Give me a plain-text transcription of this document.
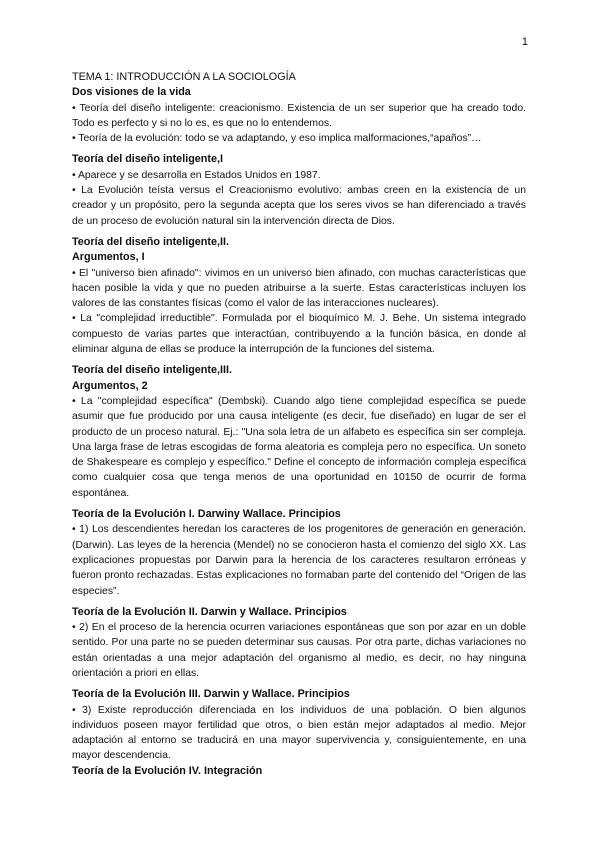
1
TEMA 1: INTRODUCCIÓN A LA SOCIOLOGÍA
Dos visiones de la vida

• Teoría del diseño inteligente: creacionismo. Existencia de un ser superior que ha creado todo. Todo es perfecto y si no lo es, es que no lo entendemos.

• Teoría de la evolución: todo se va adaptando, y eso implica malformaciones,“apaños”…

Teoría del diseño inteligente,I

• Aparece y se desarrolla en Estados Unidos en 1987.

• La Evolución teísta versus el Creacionismo evolutivo: ambas creen en la existencia de un creador y un propósito, pero la segunda acepta que los seres vivos se han diferenciado a través de un proceso de evolución natural sin la intervención directa de Dios.

Teoría del diseño inteligente,II.
Argumentos, I

• El "universo bien afinado": vivimos en un universo bien afinado, con muchas características que hacen posible la vida y que no pueden atribuirse a la suerte. Estas características incluyen los valores de las constantes físicas (como el valor de las interacciones nucleares).

• La "complejidad irreductible". Formulada por el bioquímico M. J. Behe. Un sistema integrado compuesto de varias partes que interactúan, contribuyendo a la función básica, en donde al eliminar alguna de ellas se produce la interrupción de la funciones del sistema.

Teoría del diseño inteligente,III.
Argumentos, 2

• La "complejidad específica" (Dembski). Cuando algo tiene complejidad específica se puede asumir que fue producido por una causa inteligente (es decir, fue diseñado) en lugar de ser el producto de un proceso natural. Ej.: "Una sola letra de un alfabeto es específica sin ser compleja. Una larga frase de letras escogidas de forma aleatoria es compleja pero no específica. Un soneto de Shakespeare es complejo y específico." Define el concepto de información compleja específica como cualquier cosa que tenga menos de una oportunidad en 10150 de ocurrir de forma espontánea.

Teoría de la Evolución I. Darwiny Wallace. Principios

• 1) Los descendientes heredan los caracteres de los progenitores de generación en generación. (Darwin). Las leyes de la herencia (Mendel) no se conocieron hasta el comienzo del siglo XX. Las explicaciones propuestas por Darwin para la herencia de los caracteres resultaron erróneas y fueron pronto rechazadas. Estas explicaciones no formaban parte del contenido del “Origen de las especies”.

Teoría de la Evolución II. Darwin y Wallace. Principios

• 2) En el proceso de la herencia ocurren variaciones espontáneas que son por azar en un doble sentido. Por una parte no se pueden determinar sus causas. Por otra parte, dichas variaciones no están orientadas a una mejor adaptación del organismo al medio, es decir, no hay ninguna orientación a priori en ellas.

Teoría de la Evolución III. Darwin y Wallace. Principios

• 3) Existe reproducción diferenciada en los individuos de una población. O bien algunos individuos poseen mayor fertilidad que otros, o bien están mejor adaptados al medio. Mejor adaptación al entorno se traducirá en una mayor supervivencia y, consiguientemente, en una mayor descendencia.

Teoría de la Evolución IV. Integración
